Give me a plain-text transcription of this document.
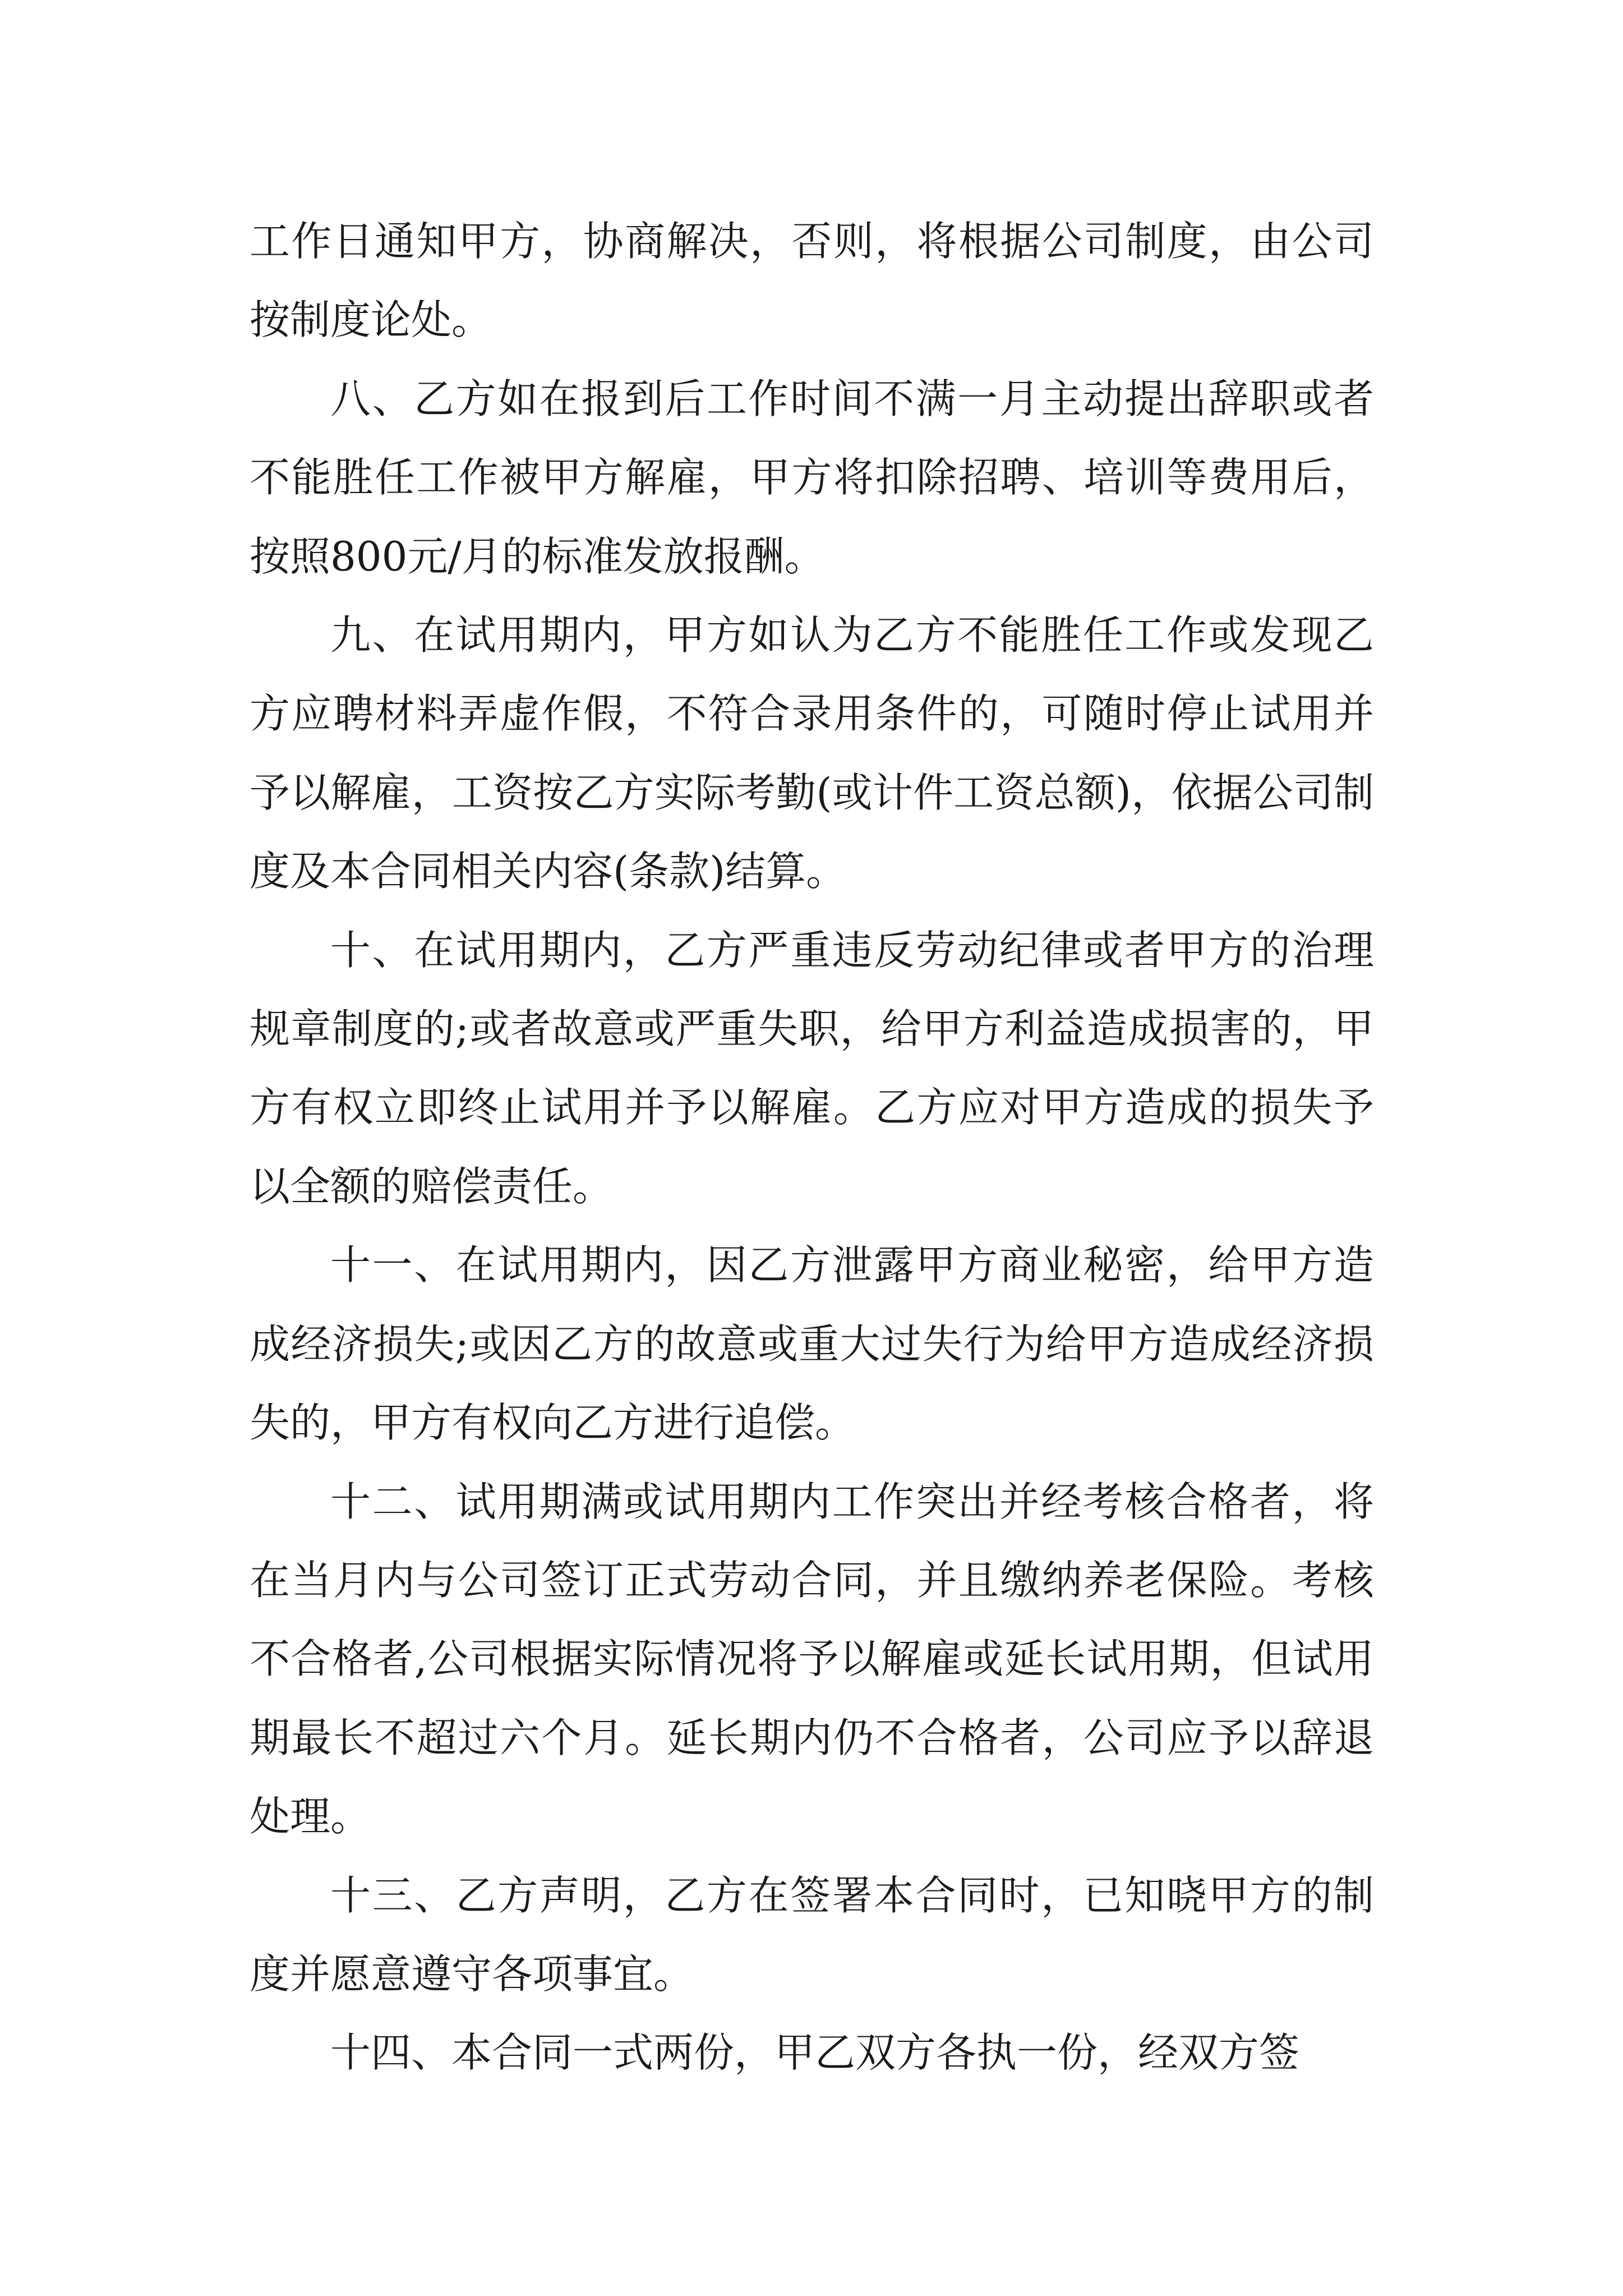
工作日通知甲方，协商解决，否则，将根据公司制度，由公司按制度论处。

八、乙方如在报到后工作时间不满一月主动提出辞职或者不能胜任工作被甲方解雇，甲方将扣除招聘、培训等费用后，按照800元/月的标准发放报酬。

九、在试用期内，甲方如认为乙方不能胜任工作或发现乙方应聘材料弄虚作假，不符合录用条件的，可随时停止试用并予以解雇，工资按乙方实际考勤(或计件工资总额)，依据公司制度及本合同相关内容(条款)结算。

十、在试用期内，乙方严重违反劳动纪律或者甲方的治理规章制度的;或者故意或严重失职，给甲方利益造成损害的，甲方有权立即终止试用并予以解雇。乙方应对甲方造成的损失予以全额的赔偿责任。

十一、在试用期内，因乙方泄露甲方商业秘密，给甲方造成经济损失;或因乙方的故意或重大过失行为给甲方造成经济损失的，甲方有权向乙方进行追偿。

十二、试用期满或试用期内工作突出并经考核合格者，将在当月内与公司签订正式劳动合同，并且缴纳养老保险。考核不合格者,公司根据实际情况将予以解雇或延长试用期，但试用期最长不超过六个月。延长期内仍不合格者，公司应予以辞退处理。

十三、乙方声明，乙方在签署本合同时，已知晓甲方的制度并愿意遵守各项事宜。

十四、本合同一式两份，甲乙双方各执一份，经双方签
